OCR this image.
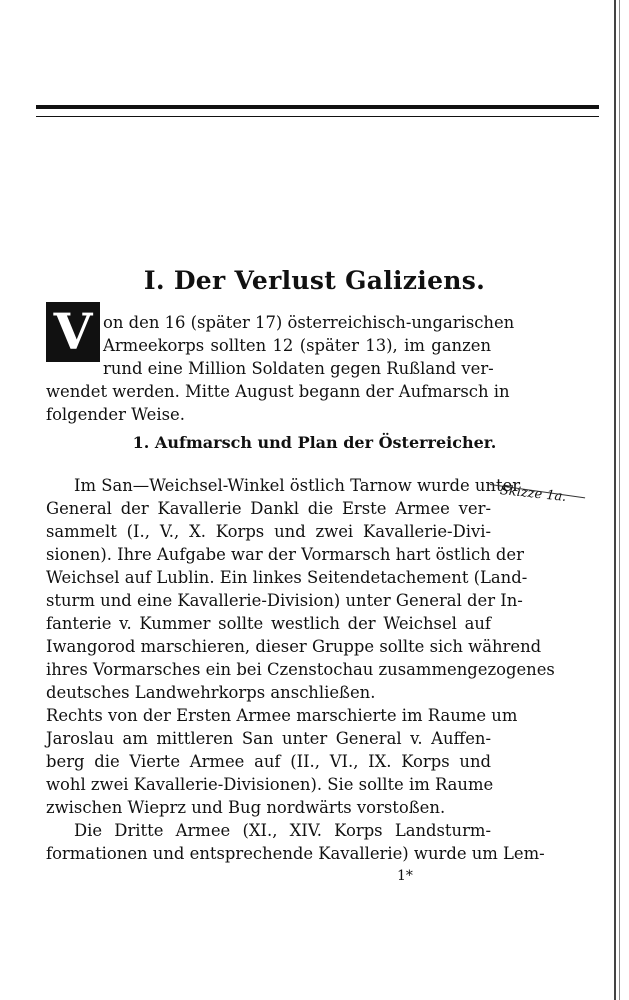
I. Der Verlust Galiziens.
V on den 16 (später 17) österreichisch-ungarischen
Armeekorps sollten 12 (später 13), im ganzen
rund eine Million Soldaten gegen Rußland ver-
wendet werden. Mitte August begann der Aufmarsch in
folgender Weise.
1. Aufmarsch und Plan der Österreicher.
Im San—Weichsel-Winkel östlich Tarnow wurde unter
General der Kavallerie Dankl die Erste Armee ver-
sammelt (I., V., X. Korps und zwei Kavallerie-Divi-
sionen). Ihre Aufgabe war der Vormarsch hart östlich der
Weichsel auf Lublin. Ein linkes Seitendetachement (Land-
sturm und eine Kavallerie-Division) unter General der In-
fanterie v. Kummer sollte westlich der Weichsel auf
Iwangorod marschieren, dieser Gruppe sollte sich während
ihres Vormarsches ein bei Czenstochau zusammengezogenes
deutsches Landwehrkorps anschließen.
Rechts von der Ersten Armee marschierte im Raume um
Jaroslau am mittleren San unter General v. Auffen-
berg die Vierte Armee auf (II., VI., IX. Korps und
wohl zwei Kavallerie-Divisionen). Sie sollte im Raume
zwischen Wieprz und Bug nordwärts vorstoßen.
Die Dritte Armee (XI., XIV. Korps Landsturm-
formationen und entsprechende Kavallerie) wurde um Lem-
Skizze 1a.
1*
